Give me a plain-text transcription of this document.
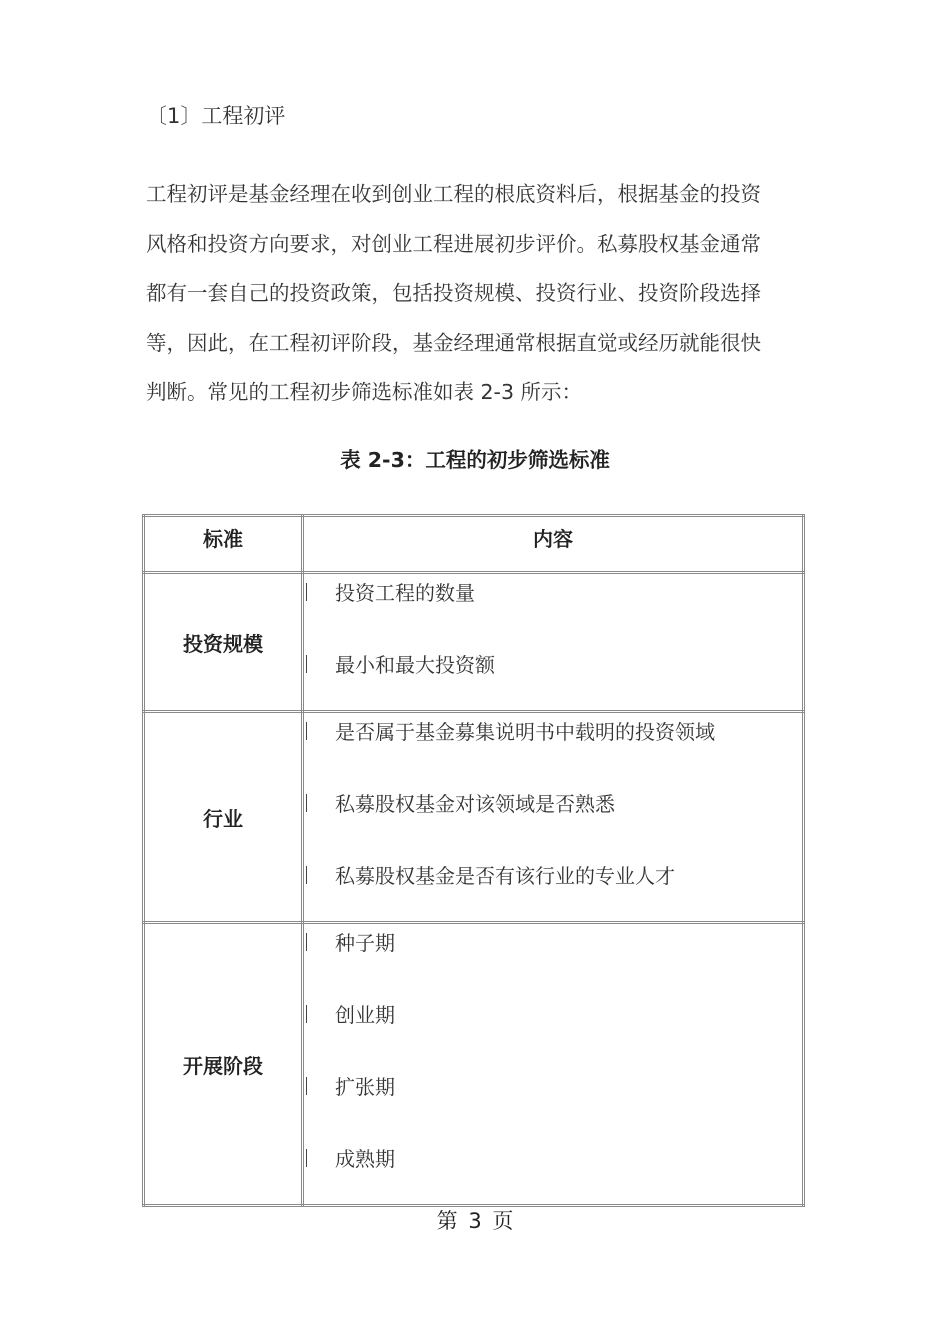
〔1〕工程初评

工程初评是基金经理在收到创业工程的根底资料后，根据基金的投资

风格和投资方向要求，对创业工程进展初步评价。私募股权基金通常

都有一套自己的投资政策，包括投资规模、投资行业、投资阶段选择

等，因此，在工程初评阶段，基金经理通常根据直觉或经历就能很快

判断。常见的工程初步筛选标准如表 2-3 所示：

表 2-3：工程的初步筛选标准
标准	内容
投资规模	投资工程的数量
最小和最大投资额

行业	是否属于基金募集说明书中载明的投资领域
私募股权基金对该领域是否熟悉
私募股权基金是否有该行业的专业人才

开展阶段	种子期
创业期
扩张期
成熟期
第 3 页
